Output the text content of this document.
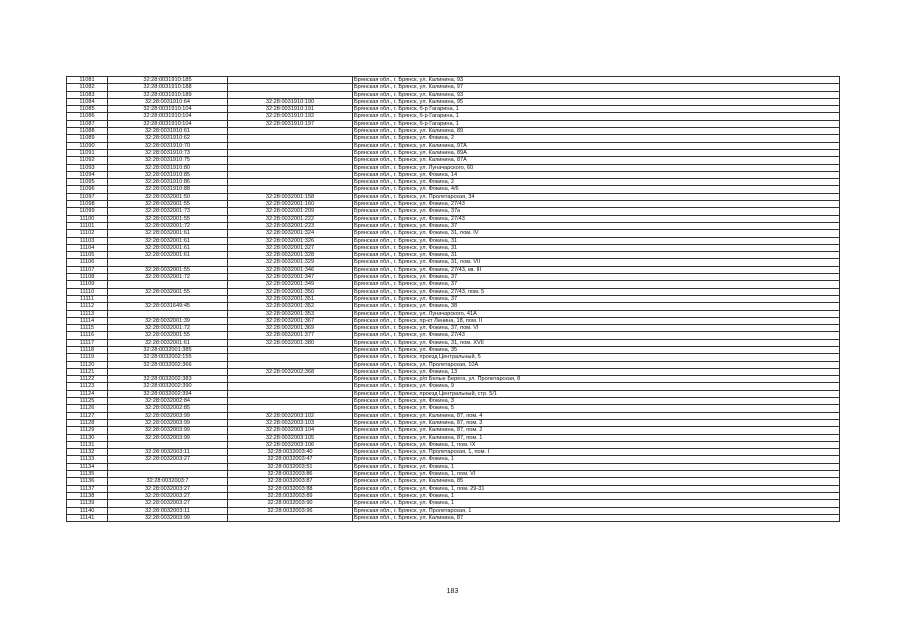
11081	32:28:0031910:185		Брянская обл., г. Брянск, ул. Калинина, 93
11082	32:28:0031910:188		Брянская обл., г. Брянск, ул. Калинина, 97
11083	32:28:0031910:189		Брянская обл., г. Брянск, ул. Калинина, 93
11084	32:28:0031910:64	32:28:0031910:190	Брянская обл., г. Брянск, ул. Калинина, 95
11085	32:28:0031910:104	32:28:0031910:191	Брянская обл., г. Брянск, б-р Гагарина, 1
11086	32:28:0031910:104	32:28:0031910:192	Брянская обл., г. Брянск, б-р Гагарина, 1
11087	32:28:0031910:104	32:28:0031910:197	Брянская обл., г. Брянск, б-р Гагарина, 1
11088	32:28:0031910:61		Брянская обл., г. Брянск, ул. Калинина, 89
11089	32:28:0031910:62		Брянская обл., г. Брянск, ул. Фокина, 2
11090	32:28:0031910:70		Брянская обл., г. Брянск, ул. Калинина, 97А
11091	32:28:0031910:73		Брянская обл., г. Брянск, ул. Калинина, 89А
11092	32:28:0031910:75		Брянская обл., г. Брянск, ул. Калинина, 87А
11093	32:28:0031910:80		Брянская обл., г. Брянск, ул. Луначарского, 60
11094	32:28:0031910:85		Брянская обл., г. Брянск, ул. Фокина, 14
11095	32:28:0031910:86		Брянская обл., г. Брянск, ул. Фокина, 2
11096	32:28:0031910:88		Брянская обл., г. Брянск, ул. Фокина, 4/6
11097	32:28:0032001:50	32:28:0032001:158	Брянская обл., г. Брянск, ул. Пролетарская, 34
11098	32:28:0032001:55	32:28:0032001:160	Брянская обл., г. Брянск, ул. Фокина, 27/43
11099	32:28:0032001:73	32:28:0032001:209	Брянская обл., г. Брянск, ул. Фокина, 37а
11100	32:28:0032001:55	32:28:0032001:222	Брянская обл., г. Брянск, ул. Фокина, 27/43
11101	32:28:0032001:72	32:28:0032001:223	Брянская обл., г. Брянск, ул. Фокина, 37
11102	32:28:0032001:61	32:28:0032001:324	Брянская обл., г. Брянск, ул. Фокина, 31, пом. IV
11103	32:28:0032001:61	32:28:0032001:326	Брянская обл., г. Брянск, ул. Фокина, 31
11104	32:28:0032001:61	32:28:0032001:327	Брянская обл., г. Брянск, ул. Фокина, 31
11105	32:28:0032001:61	32:28:0032001:328	Брянская обл., г. Брянск, ул. Фокина, 31
11106		32:28:0032001:329	Брянская обл., г. Брянск, ул. Фокина, 31, пом. VII
11107	32:28:0032001:55	32:28:0032001:346	Брянская обл., г. Брянск, ул. Фокина, 27/43, кв. III
11108	32:28:0032001:72	32:28:0032001:347	Брянская обл., г. Брянск, ул. Фокина, 37
11109		32:28:0032001:349	Брянская обл., г. Брянск, ул. Фокина, 37
11110	32:28:0032001:55	32:28:0032001:350	Брянская обл., г. Брянск, ул. Фокина, 27/43, пом. 5
11111		32:28:0032001:351	Брянская обл., г. Брянск, ул. Фокина, 37
11112	32:28:0031649:45	32:28:0032001:352	Брянская обл., г. Брянск, ул. Фокина, 38
11113		32:28:0032001:353	Брянская обл., г. Брянск, ул. Луначарского, 41А
11114	32:28:0032001:39	32:28:0032001:367	Брянская обл., г. Брянск, пр-кт Ленина, 18, пом. II
11115	32:28:0032001:72	32:28:0032001:369	Брянская обл., г. Брянск, ул. Фокина, 37, пом. VI
11116	32:28:0032001:55	32:28:0032001:377	Брянская обл., г. Брянск, ул. Фокина, 27/43
11117	32:28:0032001:61	32:28:0032001:380	Брянская обл., г. Брянск, ул. Фокина, 31, пом. XVII
11118	32:28:0032001:385		Брянская обл., г. Брянск, ул. Фокина, 35
11119	32:28:0032002:155		Брянская обл., г. Брянск, проезд Центральный, 5
11120	32:28:0032002:366		Брянская обл., г. Брянск, ул. Пролетарская, 10А
11121		32:28:0032002:368	Брянская обл., г. Брянск, ул. Фокина, 13
11122	32:28:0032002:383		Брянская обл., г. Брянск, р/п Белые Берега, ул. Пролетарская, 8
11123	32:28:0032002:390		Брянская обл., г. Брянск, ул. Фокина, 9
11124	32:28:0032002:394		Брянская обл., г. Брянск, проезд Центральный, стр. 5/1
11125	32:28:0032002:84		Брянская обл., г. Брянск, ул. Фокина, 3
11126	32:28:0032002:85		Брянская обл., г. Брянск, ул. Фокина, 5
11127	32:28:0032003:99	32:28:0032003:102	Брянская обл., г. Брянск, ул. Калинина, 87, пом. 4
11128	32:28:0032003:99	32:28:0032003:103	Брянская обл., г. Брянск, ул. Калинина, 87, пом. 3
11129	32:28:0032003:99	32:28:0032003:104	Брянская обл., г. Брянск, ул. Калинина, 87, пом. 2
11130	32:28:0032003:99	32:28:0032003:105	Брянская обл., г. Брянск, ул. Калинина, 87, пом. 1
11131		32:28:0032003:106	Брянская обл., г. Брянск, ул. Фокина, 1, пом. IX
11132	32:28:0032003:11	32:28:0032003:40	Брянская обл., г. Брянск, ул. Пролетарская, 1, пом. I
11133	32:28:0032003:27	32:28:0032003:47	Брянская обл., г. Брянск, ул. Фокина, 1
11134		32:28:0032003:51	Брянская обл., г. Брянск, ул. Фокина, 1
11135		32:28:0032003:86	Брянская обл., г. Брянск, ул. Фокина, 1, пом. VI
11136	32:28:0032003:7	32:28:0032003:87	Брянская обл., г. Брянск, ул. Калинина, 85
11137	32:28:0032003:27	32:28:0032003:88	Брянская обл., г. Брянск, ул. Фокина, 1, пом. 29-31
11138	32:28:0032003:27	32:28:0032003:89	Брянская обл., г. Брянск, ул. Фокина, 1
11139	32:28:0032003:27	32:28:0032003:90	Брянская обл., г. Брянск, ул. Фокина, 1
11140	32:28:0032003:11	32:28:0032003:96	Брянская обл., г. Брянск, ул. Пролетарская, 1
11141	32:28:0032003:99		Брянская обл., г. Брянск, ул. Калинина, 87
183
